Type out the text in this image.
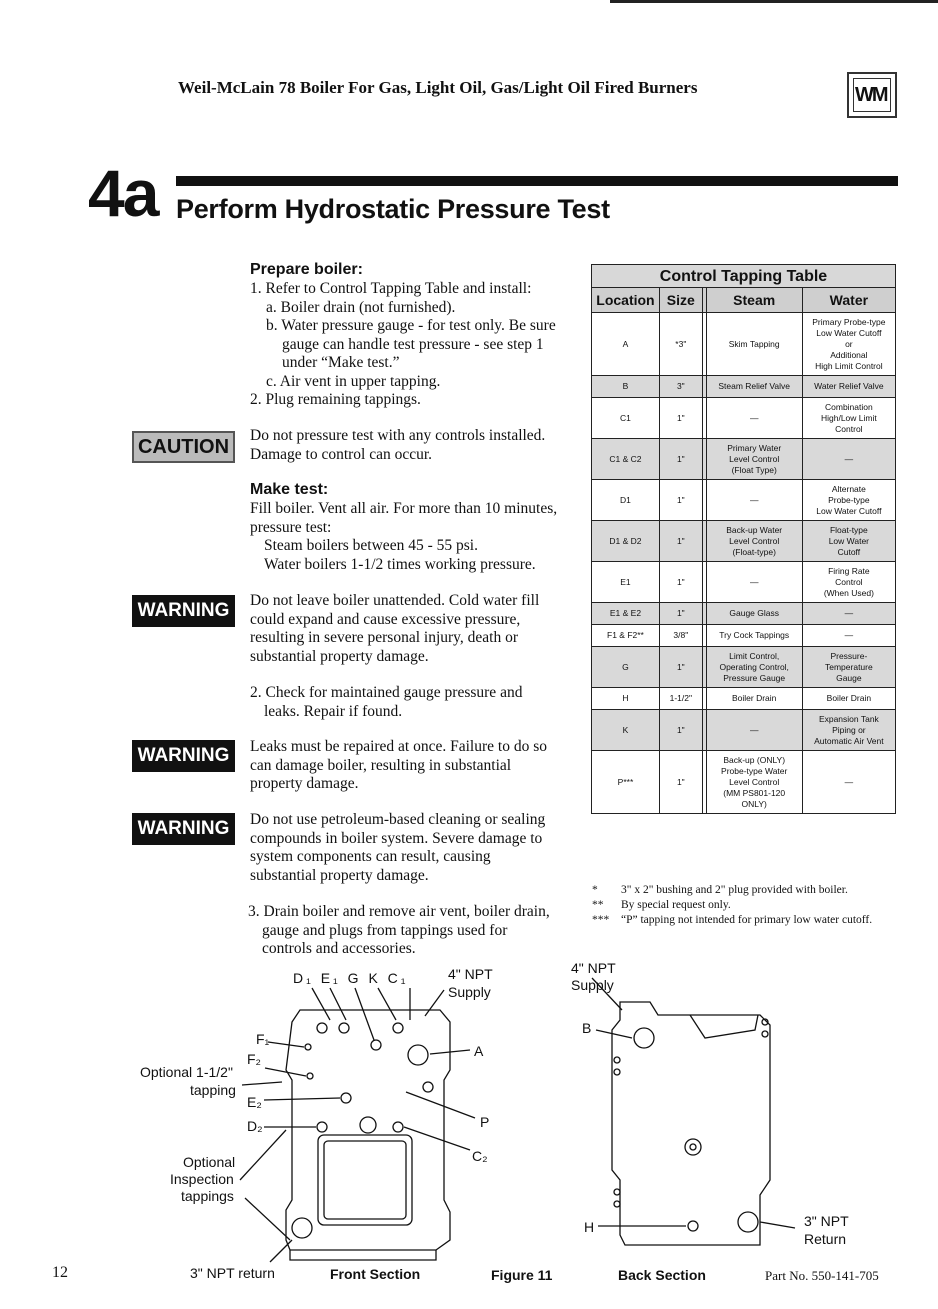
Weil-McLain 78 Boiler For Gas, Light Oil, Gas/Light Oil Fired Burners	WM
4a Perform Hydrostatic Pressure Test
Prepare boiler:
1. Refer to Control Tapping Table and install:
a. Boiler drain (not furnished).
b. Water pressure gauge - for test only. Be sure
gauge can handle test pressure - see step 1
under “Make test.”
c. Air vent in upper tapping.
2. Plug remaining tappings.
CAUTION
Do not pressure test with any controls installed.
Damage to control can occur.
Make test:
Fill boiler. Vent all air. For more than 10 minutes,
pressure test:
Steam boilers between 45 - 55 psi.
Water boilers 1-1/2 times working pressure.
WARNING	Do not leave boiler unattended. Cold water fill
could expand and cause excessive pressure,
resulting in severe personal injury, death or
substantial property damage.
2. Check for maintained gauge pressure and
leaks. Repair if found.
WARNING	Leaks must be repaired at once. Failure to do so
can damage boiler, resulting in substantial
property damage.
WARNING	Do not use petroleum-based cleaning or sealing
compounds in boiler system. Severe damage to
system components can result, causing
substantial property damage.
3. Drain boiler and remove air vent, boiler drain,
gauge and plugs from tappings used for
controls and accessories.
Control Tapping Table				
Location	Size		Steam	Water
A	*3"		Skim Tapping	Primary Probe-type
Low Water Cutoff
or
Additional
High Limit Control
B	3"		Steam Relief Valve	Water Relief Valve
C1	1"		—	Combination
High/Low Limit
Control
C1 & C2	1"		Primary Water
Level Control
(Float Type)	—
D1	1"		—	Alternate
Probe-type
Low Water Cutoff
D1 & D2	1"		Back-up Water
Level Control
(Float-type)	Float-type
Low Water
Cutoff
E1	1"		—	Firing Rate
Control
(When Used)
E1 & E2	1"		Gauge Glass	—
F1 & F2**	3/8"		Try Cock Tappings	—
G	1"		Limit Control,
Operating Control,
Pressure Gauge	Pressure-
Temperature
Gauge
H	1-1/2"		Boiler Drain	Boiler Drain
K	1"		—	Expansion Tank
Piping or
Automatic Air Vent
P***	1"		Back-up (ONLY)
Probe-type Water
Level Control
(MM PS801-120
ONLY)	—
*	3" x 2" bushing and 2" plug provided with boiler.
**	By special request only.
***	“P” tapping not intended for primary low water cutoff.
D₁ E₁ G K C₁	4" NPT
Supply
F₁
F₂
Optional 1-1/2"
tapping
E₂
D₂
A
P
C₂
Optional
Inspection
tappings
3" NPT return
4" NPT
Supply
B
H	3" NPT
Return
Front Section	Figure 11	Back Section
12	Part No. 550-141-705
